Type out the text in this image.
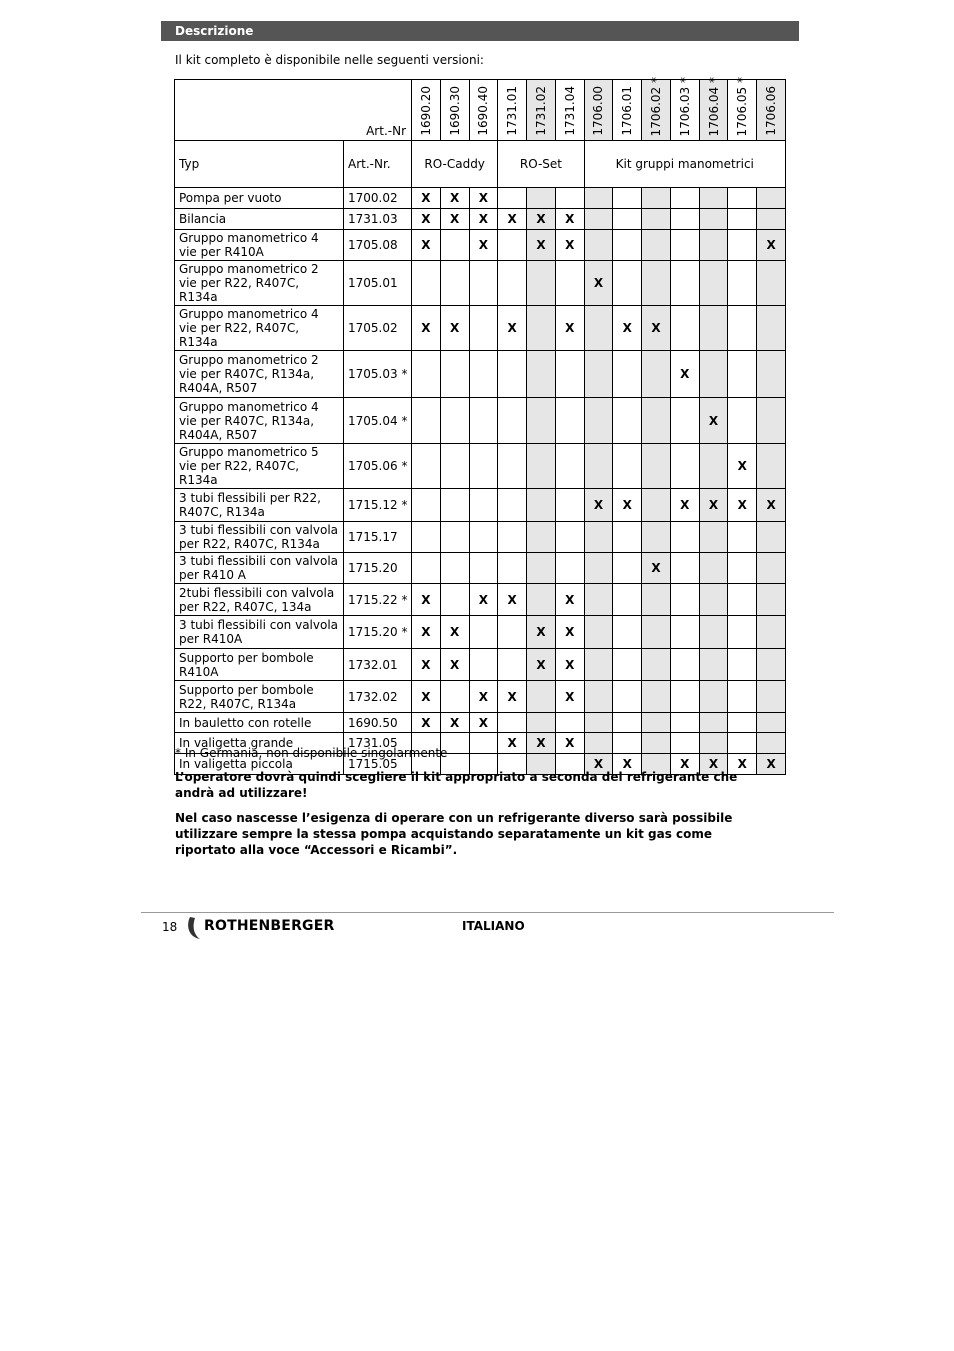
Descrizione
Il kit completo è disponibile nelle seguenti versioni:
Art.-Nr		1690.20	1690.30	1690.40	1731.01	1731.02	1731.04	1706.00	1706.01	1706.02 *	1706.03 *	1706.04 *	1706.05 *	1706.06

Typ	Art.-Nr.	RO-Caddy			RO-Set			Kit gruppi manometrici						
Pompa per vuoto	1700.02	X	X	X										
Bilancia	1731.03	X	X	X	X	X	X							
Gruppo manometrico 4 vie per R410A	1705.08	X		X		X	X							X
Gruppo manometrico 2 vie per R22, R407C, R134a	1705.01							X						
Gruppo manometrico 4 vie per R22, R407C, R134a	1705.02	X	X		X		X		X	X				
Gruppo manometrico 2 vie per R407C, R134a, R404A, R507	1705.03 *										X			
Gruppo manometrico 4 vie per R407C, R134a, R404A, R507	1705.04 *											X		
Gruppo manometrico 5 vie per R22, R407C, R134a	1705.06 *												X	
3 tubi flessibili per R22, R407C, R134a	1715.12 *							X	X		X	X	X	X
3 tubi flessibili con valvola per R22, R407C, R134a	1715.17													
3 tubi flessibili con valvola per R410 A	1715.20									X				
2tubi flessibili con valvola per R22, R407C, 134a	1715.22 *	X		X	X		X							
3 tubi flessibili con valvola per R410A	1715.20 *	X	X			X	X							
Supporto per bombole R410A	1732.01	X	X			X	X							
Supporto per bombole R22, R407C, R134a	1732.02	X		X	X		X							
In bauletto con rotelle	1690.50	X	X	X										
In valigetta grande	1731.05				X	X	X							
In valigetta piccola	1715.05							X	X		X	X	X	X
* In Germania, non disponibile singolarmente
L’operatore dovrà quindi scegliere il kit appropriato a seconda del refrigerante che andrà ad utilizzare!
Nel caso nascesse l’esigenza di operare con un refrigerante diverso sarà possibile utilizzare sempre la stessa pompa acquistando separatamente un kit gas come riportato alla voce “Accessori e Ricambi”.
18 ROTHENBERGER	ITALIANO
